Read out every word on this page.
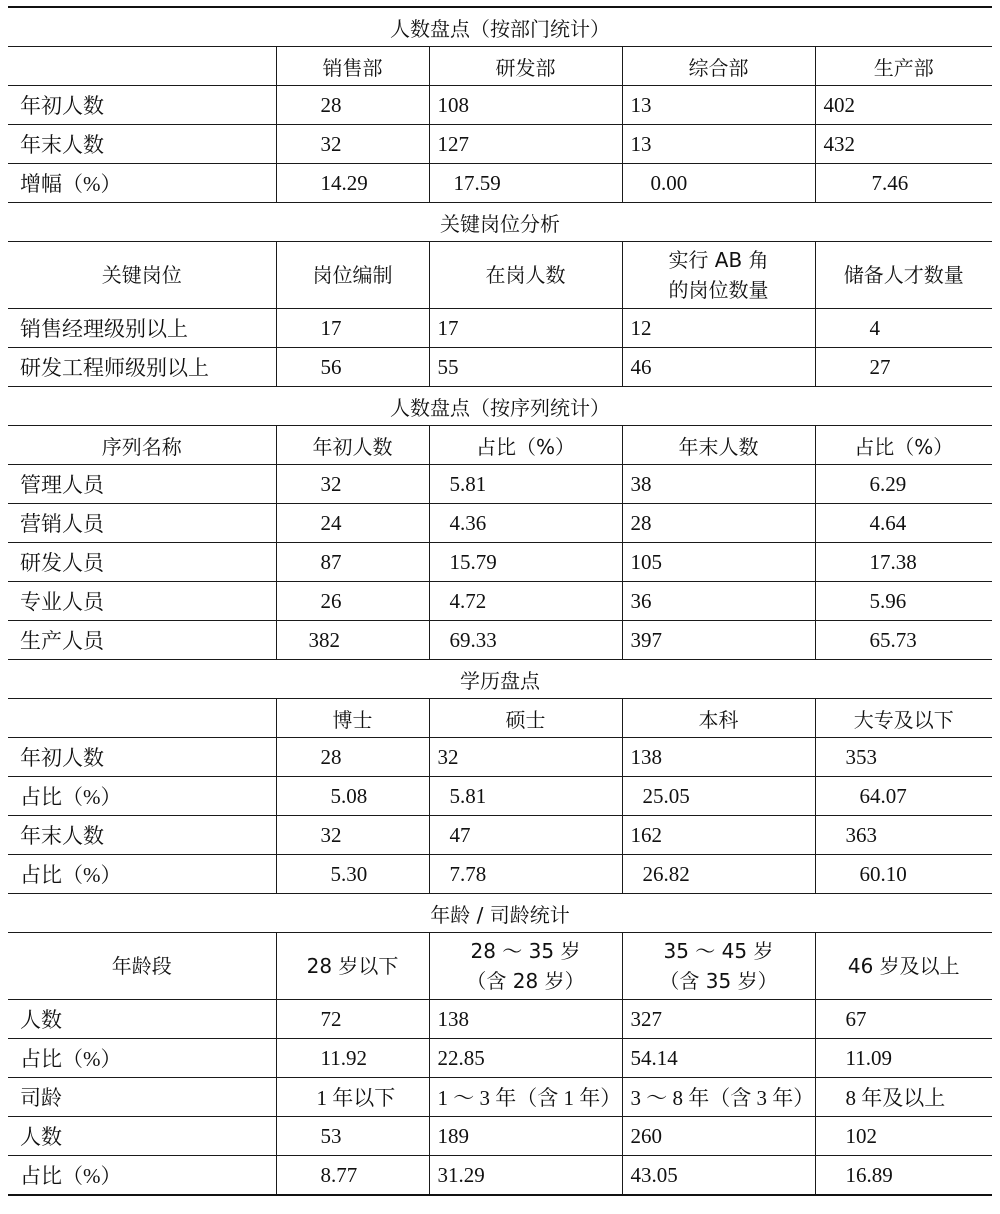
人数盘点（按部门统计）				
	销售部	研发部	综合部	生产部
年初人数	28	108	13	402
年末人数	32	127	13	432
增幅（%）	14.29	17.59	0.00	7.46
关键岗位分析				
关键岗位	岗位编制	在岗人数	实行 AB 角的岗位数量	储备人才数量
销售经理级别以上	17	17	12	4
研发工程师级别以上	56	55	46	27
人数盘点（按序列统计）				
序列名称	年初人数	占比（%）	年末人数	占比（%）
管理人员	32	5.81	38	6.29
营销人员	24	4.36	28	4.64
研发人员	87	15.79	105	17.38
专业人员	26	4.72	36	5.96
生产人员	382	69.33	397	65.73
学历盘点				
	博士	硕士	本科	大专及以下
年初人数	28	32	138	353
占比（%）	5.08	5.81	25.05	64.07
年末人数	32	47	162	363
占比（%）	5.30	7.78	26.82	60.10
年龄 / 司龄统计				
年龄段	28 岁以下	28 ～ 35 岁（含 28 岁）	35 ～ 45 岁（含 35 岁）	46 岁及以上
人数	72	138	327	67
占比（%）	11.92	22.85	54.14	11.09
司龄	1 年以下	1 ～ 3 年（含 1 年）	3 ～ 8 年（含 3 年）	8 年及以上
人数	53	189	260	102
占比（%）	8.77	31.29	43.05	16.89
